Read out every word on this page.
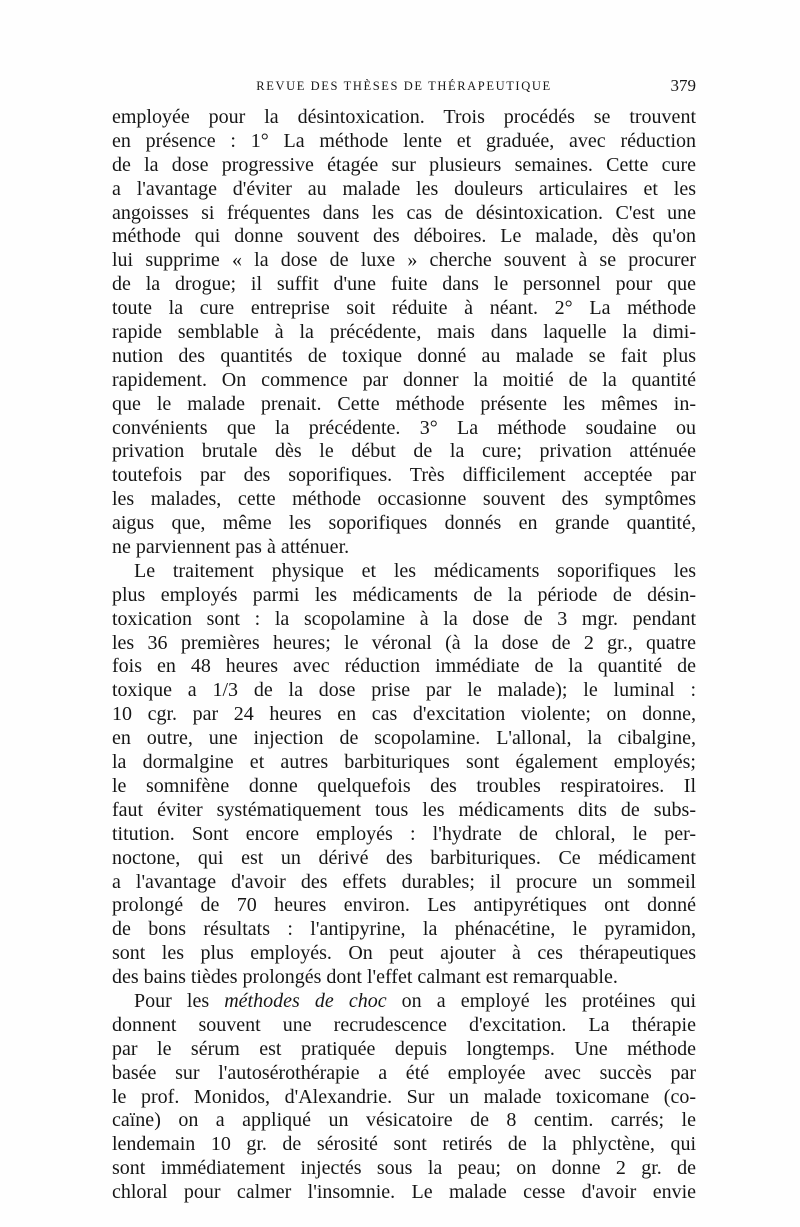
REVUE DES THÈSES DE THÉRAPEUTIQUE	379
employée pour la désintoxication. Trois procédés se trouvent
en présence : 1° La méthode lente et graduée, avec réduction
de la dose progressive étagée sur plusieurs semaines. Cette cure
a l'avantage d'éviter au malade les douleurs articulaires et les
angoisses si fréquentes dans les cas de désintoxication. C'est une
méthode qui donne souvent des déboires. Le malade, dès qu'on
lui supprime « la dose de luxe » cherche souvent à se procurer
de la drogue; il suffit d'une fuite dans le personnel pour que
toute la cure entreprise soit réduite à néant. 2° La méthode
rapide semblable à la précédente, mais dans laquelle la dimi-
nution des quantités de toxique donné au malade se fait plus
rapidement. On commence par donner la moitié de la quantité
que le malade prenait. Cette méthode présente les mêmes in-
convénients que la précédente. 3° La méthode soudaine ou
privation brutale dès le début de la cure; privation atténuée
toutefois par des soporifiques. Très difficilement acceptée par
les malades, cette méthode occasionne souvent des symptômes
aigus que, même les soporifiques donnés en grande quantité,
ne parviennent pas à atténuer.
Le traitement physique et les médicaments soporifiques les
plus employés parmi les médicaments de la période de désin-
toxication sont : la scopolamine à la dose de 3 mgr. pendant
les 36 premières heures; le véronal (à la dose de 2 gr., quatre
fois en 48 heures avec réduction immédiate de la quantité de
toxique a 1/3 de la dose prise par le malade); le luminal :
10 cgr. par 24 heures en cas d'excitation violente; on donne,
en outre, une injection de scopolamine. L'allonal, la cibalgine,
la dormalgine et autres barbituriques sont également employés;
le somnifène donne quelquefois des troubles respiratoires. Il
faut éviter systématiquement tous les médicaments dits de subs-
titution. Sont encore employés : l'hydrate de chloral, le per-
noctone, qui est un dérivé des barbituriques. Ce médicament
a l'avantage d'avoir des effets durables; il procure un sommeil
prolongé de 70 heures environ. Les antipyrétiques ont donné
de bons résultats : l'antipyrine, la phénacétine, le pyramidon,
sont les plus employés. On peut ajouter à ces thérapeutiques
des bains tièdes prolongés dont l'effet calmant est remarquable.
Pour les méthodes de choc on a employé les protéines qui
donnent souvent une recrudescence d'excitation. La thérapie
par le sérum est pratiquée depuis longtemps. Une méthode
basée sur l'autosérothérapie a été employée avec succès par
le prof. Monidos, d'Alexandrie. Sur un malade toxicomane (co-
caïne) on a appliqué un vésicatoire de 8 centim. carrés; le
lendemain 10 gr. de sérosité sont retirés de la phlyctène, qui
sont immédiatement injectés sous la peau; on donne 2 gr. de
chloral pour calmer l'insomnie. Le malade cesse d'avoir envie
